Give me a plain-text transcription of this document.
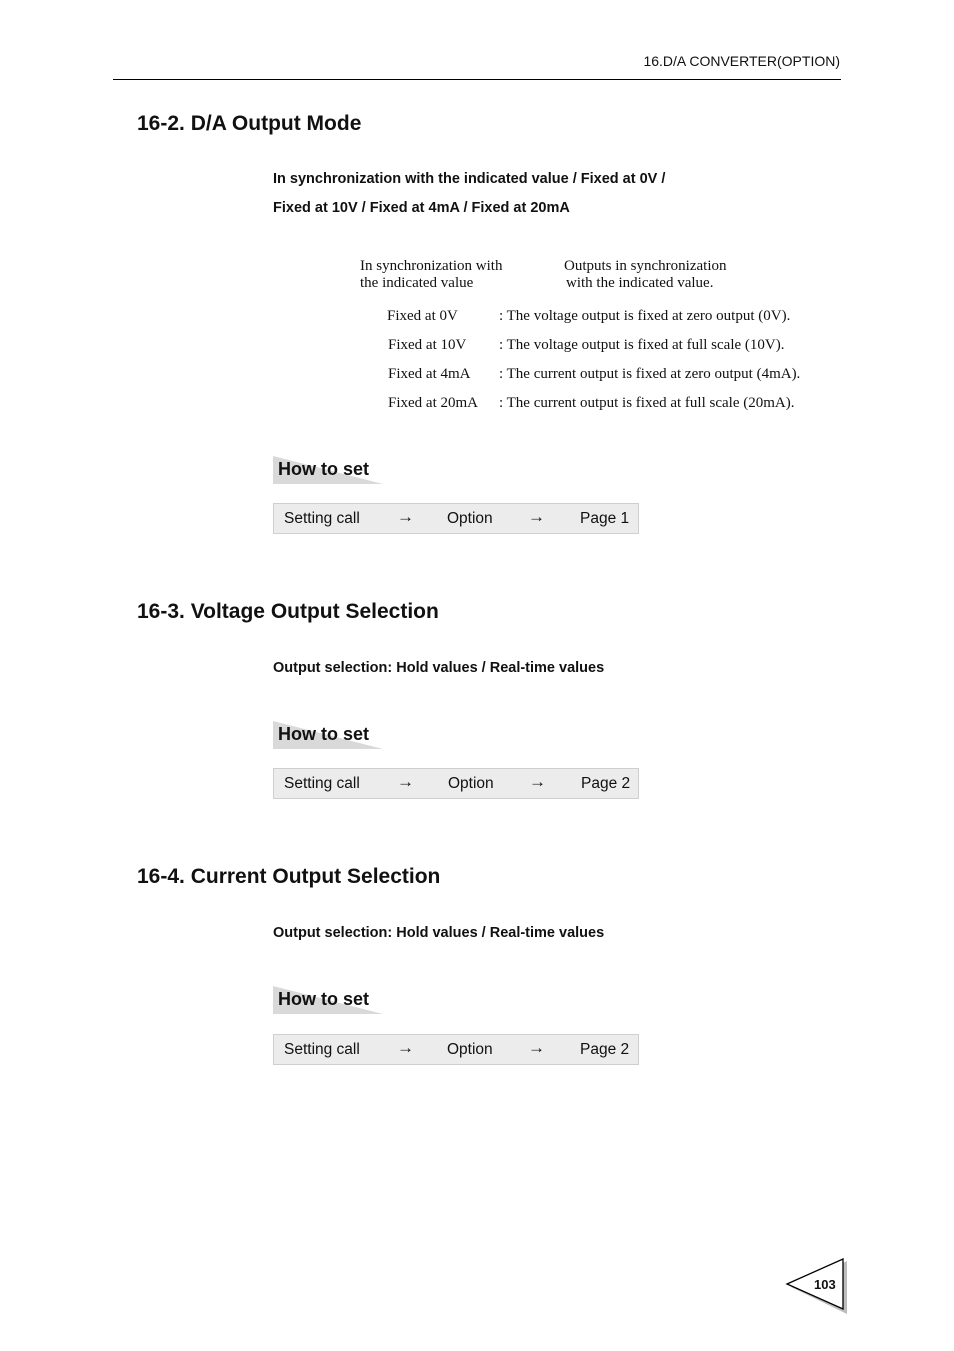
16.D/A CONVERTER(OPTION)
16-2. D/A Output Mode
In synchronization with the indicated value / Fixed at 0V /
Fixed at 10V / Fixed at 4mA / Fixed at 20mA
In synchronization with
the indicated value
Outputs in synchronization
with the indicated value.
Fixed at 0V	: The voltage output is fixed at zero output (0V).
Fixed at 10V : The voltage output is fixed at full scale (10V).
Fixed at 4mA : The current output is fixed at zero output (4mA).
Fixed at 20mA : The current output is fixed at full scale (20mA).
How to set
Setting call → Option → Page 1
16-3. Voltage Output Selection
Output selection: Hold values / Real-time values
How to set
Setting call → Option → Page 2
16-4. Current Output Selection
Output selection: Hold values / Real-time values
How to set
Setting call → Option → Page 2
103
